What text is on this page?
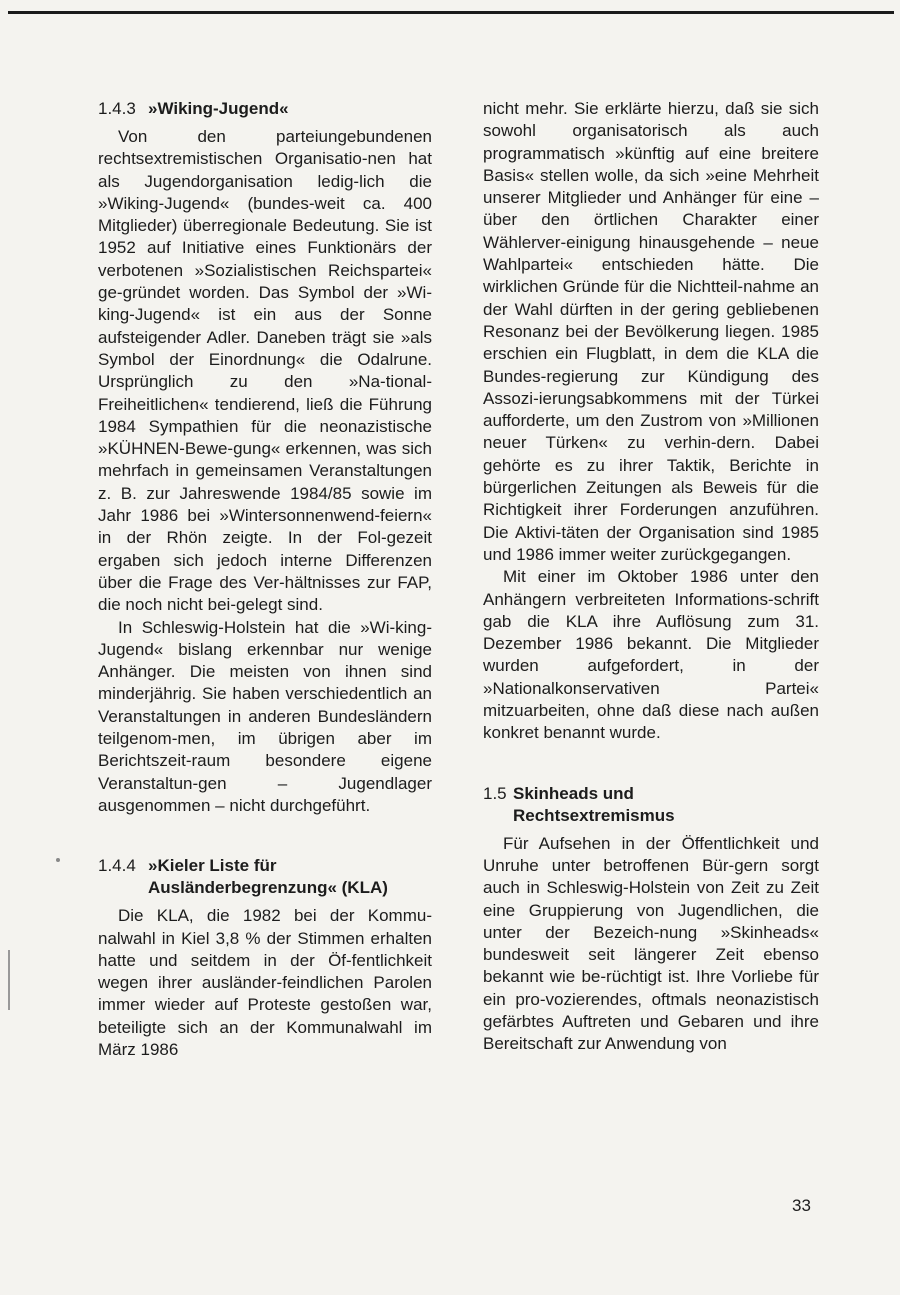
1.4.3 »Wiking-Jugend«

Von den parteiungebundenen rechtsextremistischen Organisatio-nen hat als Jugendorganisation ledig-lich die »Wiking-Jugend« (bundes-weit ca. 400 Mitglieder) überregionale Bedeutung. Sie ist 1952 auf Initiative eines Funktionärs der verbotenen »Sozialistischen Reichspartei« ge-gründet worden. Das Symbol der »Wi-king-Jugend« ist ein aus der Sonne aufsteigender Adler. Daneben trägt sie »als Symbol der Einordnung« die Odalrune. Ursprünglich zu den »Na-tional-Freiheitlichen« tendierend, ließ die Führung 1984 Sympathien für die neonazistische »KÜHNEN-Bewe-gung« erkennen, was sich mehrfach in gemeinsamen Veranstaltungen z. B. zur Jahreswende 1984/85 sowie im Jahr 1986 bei »Wintersonnenwend-feiern« in der Rhön zeigte. In der Fol-gezeit ergaben sich jedoch interne Differenzen über die Frage des Ver-hältnisses zur FAP, die noch nicht bei-gelegt sind.

In Schleswig-Holstein hat die »Wi-king-Jugend« bislang erkennbar nur wenige Anhänger. Die meisten von ihnen sind minderjährig. Sie haben verschiedentlich an Veranstaltungen in anderen Bundesländern teilgenom-men, im übrigen aber im Berichtszeit-raum besondere eigene Veranstaltun-gen – Jugendlager ausgenommen – nicht durchgeführt.

1.4.4 »Kieler Liste für
Ausländerbegrenzung« (KLA)

Die KLA, die 1982 bei der Kommu-nalwahl in Kiel 3,8 % der Stimmen erhalten hatte und seitdem in der Öf-fentlichkeit wegen ihrer ausländer-feindlichen Parolen immer wieder auf Proteste gestoßen war, beteiligte sich an der Kommunalwahl im März 1986

nicht mehr. Sie erklärte hierzu, daß sie sich sowohl organisatorisch als auch programmatisch »künftig auf eine breitere Basis« stellen wolle, da sich »eine Mehrheit unserer Mitglieder und Anhänger für eine – über den örtlichen Charakter einer Wählerver-einigung hinausgehende – neue Wahlpartei« entschieden hätte. Die wirklichen Gründe für die Nichtteil-nahme an der Wahl dürften in der gering gebliebenen Resonanz bei der Bevölkerung liegen. 1985 erschien ein Flugblatt, in dem die KLA die Bundes-regierung zur Kündigung des Assozi-ierungsabkommens mit der Türkei aufforderte, um den Zustrom von »Millionen neuer Türken« zu verhin-dern. Dabei gehörte es zu ihrer Taktik, Berichte in bürgerlichen Zeitungen als Beweis für die Richtigkeit ihrer Forderungen anzuführen. Die Aktivi-täten der Organisation sind 1985 und 1986 immer weiter zurückgegangen.

Mit einer im Oktober 1986 unter den Anhängern verbreiteten Informations-schrift gab die KLA ihre Auflösung zum 31. Dezember 1986 bekannt. Die Mitglieder wurden aufgefordert, in der »Nationalkonservativen Partei« mitzuarbeiten, ohne daß diese nach außen konkret benannt wurde.

1.5 Skinheads und
Rechtsextremismus

Für Aufsehen in der Öffentlichkeit und Unruhe unter betroffenen Bür-gern sorgt auch in Schleswig-Holstein von Zeit zu Zeit eine Gruppierung von Jugendlichen, die unter der Bezeich-nung »Skinheads« bundesweit seit längerer Zeit ebenso bekannt wie be-rüchtigt ist. Ihre Vorliebe für ein pro-vozierendes, oftmals neonazistisch gefärbtes Auftreten und Gebaren und ihre Bereitschaft zur Anwendung von

33
